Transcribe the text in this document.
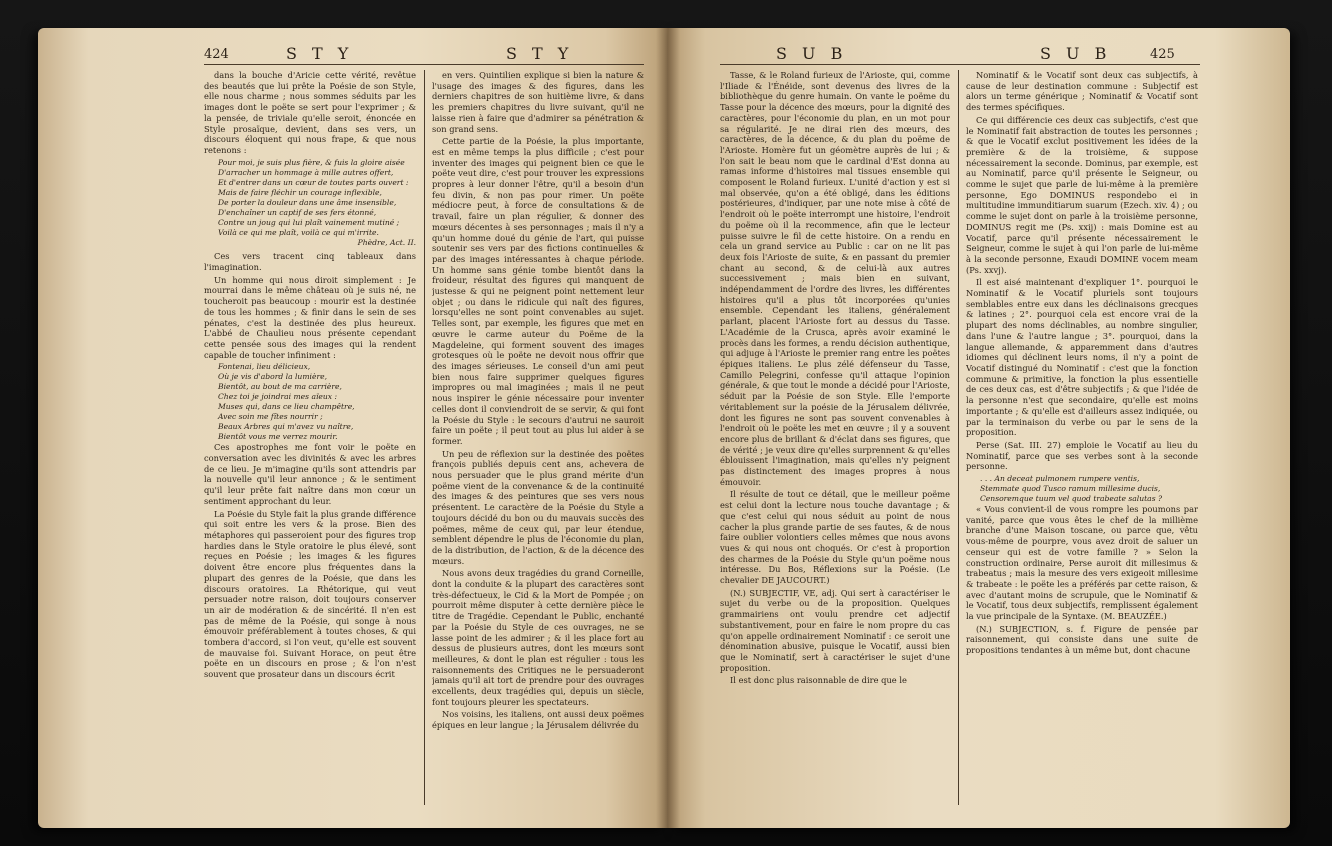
424	S T Y	S T Y	S U B	S U B	425

dans la bouche d'Aricie cette vérité, revêtue des beautés que lui prête la Poésie de son Style, elle nous charme ; nous sommes séduits par les images dont le poëte se sert pour l'exprimer ; & la pensée, de triviale qu'elle seroit, énoncée en Style prosaïque, devient, dans ses vers, un discours éloquent qui nous frape, & que nous retenons :

Pour moi, je suis plus fière, & fuis la gloire aisée

D'arracher un hommage à mille autres offert,

Et d'entrer dans un cœur de toutes parts ouvert :

Mais de faire fléchir un courage inflexible,

De porter la douleur dans une âme insensible,

D'enchaîner un captif de ses fers étonné,

Contre un joug qui lui plaît vainement mutiné ;

Voilà ce qui me plaît, voilà ce qui m'irrite.

Phèdre, Act. II.

Ces vers tracent cinq tableaux dans l'imagination.

Un homme qui nous diroit simplement : Je mourrai dans le même château où je suis né, ne toucheroit pas beaucoup : mourir est la destinée de tous les hommes ; & finir dans le sein de ses pénates, c'est la destinée des plus heureux. L'abbé de Chaulieu nous présente cependant cette pensée sous des images qui la rendent capable de toucher infiniment :

Fontenai, lieu délicieux,

Où je vis d'abord la lumière,

Bientôt, au bout de ma carrière,

Chez toi je joindrai mes aïeux :

Muses qui, dans ce lieu champêtre,

Avec soin me fîtes nourrir ;

Beaux Arbres qui m'avez vu naître,

Bientôt vous me verrez mourir.

Ces apostrophes me font voir le poëte en conversation avec les divinités & avec les arbres de ce lieu. Je m'imagine qu'ils sont attendris par la nouvelle qu'il leur annonce ; & le sentiment qu'il leur prête fait naître dans mon cœur un sentiment approchant du leur.

La Poésie du Style fait la plus grande différence qui soit entre les vers & la prose. Bien des métaphores qui passeroient pour des figures trop hardies dans le Style oratoire le plus élevé, sont reçues en Poésie ; les images & les figures doivent être encore plus fréquentes dans la plupart des genres de la Poésie, que dans les discours oratoires. La Rhétorique, qui veut persuader notre raison, doit toujours conserver un air de modération & de sincérité. Il n'en est pas de même de la Poésie, qui songe à nous émouvoir préférablement à toutes choses, & qui tombera d'accord, si l'on veut, qu'elle est souvent de mauvaise foi. Suivant Horace, on peut être poëte en un discours en prose ; & l'on n'est souvent que prosateur dans un discours écrit

en vers. Quintilien explique si bien la nature & l'usage des images & des figures, dans les derniers chapitres de son huitième livre, & dans les premiers chapitres du livre suivant, qu'il ne laisse rien à faire que d'admirer sa pénétration & son grand sens.

Cette partie de la Poésie, la plus importante, est en même temps la plus difficile ; c'est pour inventer des images qui peignent bien ce que le poëte veut dire, c'est pour trouver les expressions propres à leur donner l'être, qu'il a besoin d'un feu divin, & non pas pour rimer. Un poëte médiocre peut, à force de consultations & de travail, faire un plan régulier, & donner des mœurs décentes à ses personnages ; mais il n'y a qu'un homme doué du génie de l'art, qui puisse soutenir ses vers par des fictions continuelles & par des images intéressantes à chaque période. Un homme sans génie tombe bientôt dans la froideur, résultat des figures qui manquent de justesse & qui ne peignent point nettement leur objet ; ou dans le ridicule qui naît des figures, lorsqu'elles ne sont point convenables au sujet. Telles sont, par exemple, les figures que met en œuvre le carme auteur du Poëme de la Magdeleine, qui forment souvent des images grotesques où le poëte ne devoit nous offrir que des images sérieuses. Le conseil d'un ami peut bien nous faire supprimer quelques figures impropres ou mal imaginées ; mais il ne peut nous inspirer le génie nécessaire pour inventer celles dont il conviendroit de se servir, & qui font la Poésie du Style : le secours d'autrui ne sauroit faire un poëte ; il peut tout au plus lui aider à se former.

Un peu de réflexion sur la destinée des poëtes françois publiés depuis cent ans, achevera de nous persuader que le plus grand mérite d'un poëme vient de la convenance & de la continuité des images & des peintures que ses vers nous présentent. Le caractère de la Poésie du Style a toujours décidé du bon ou du mauvais succès des poëmes, même de ceux qui, par leur étendue, semblent dépendre le plus de l'économie du plan, de la distribution, de l'action, & de la décence des mœurs.

Nous avons deux tragédies du grand Corneille, dont la conduite & la plupart des caractères sont très-défectueux, le Cid & la Mort de Pompée ; on pourroit même disputer à cette dernière pièce le titre de Tragédie. Cependant le Public, enchanté par la Poésie du Style de ces ouvrages, ne se lasse point de les admirer ; & il les place fort au dessus de plusieurs autres, dont les mœurs sont meilleures, & dont le plan est régulier : tous les raisonnements des Critiques ne le persuaderont jamais qu'il ait tort de prendre pour des ouvrages excellents, deux tragédies qui, depuis un siècle, font toujours pleurer les spectateurs.

Nos voisins, les italiens, ont aussi deux poëmes épiques en leur langue ; la Jérusalem délivrée du

Tasse, & le Roland furieux de l'Arioste, qui, comme l'Iliade & l'Énéide, sont devenus des livres de la bibliothèque du genre humain. On vante le poëme du Tasse pour la décence des mœurs, pour la dignité des caractères, pour l'économie du plan, en un mot pour sa régularité. Je ne dirai rien des mœurs, des caractères, de la décence, & du plan du poëme de l'Arioste. Homère fut un géomètre auprès de lui ; & l'on sait le beau nom que le cardinal d'Est donna au ramas informe d'histoires mal tissues ensemble qui composent le Roland furieux. L'unité d'action y est si mal observée, qu'on a été obligé, dans les éditions postérieures, d'indiquer, par une note mise à côté de l'endroit où le poëte interrompt une histoire, l'endroit du poëme où il la recommence, afin que le lecteur puisse suivre le fil de cette histoire. On a rendu en cela un grand service au Public : car on ne lit pas deux fois l'Arioste de suite, & en passant du premier chant au second, & de celui-là aux autres successivement ; mais bien en suivant, indépendamment de l'ordre des livres, les différentes histoires qu'il a plus tôt incorporées qu'unies ensemble. Cependant les italiens, généralement parlant, placent l'Arioste fort au dessus du Tasse. L'Académie de la Crusca, après avoir examiné le procès dans les formes, a rendu décision authentique, qui adjuge à l'Arioste le premier rang entre les poëtes épiques italiens. Le plus zélé défenseur du Tasse, Camillo Pelegrini, confesse qu'il attaque l'opinion générale, & que tout le monde a décidé pour l'Arioste, séduit par la Poésie de son Style. Elle l'emporte véritablement sur la poésie de la Jérusalem délivrée, dont les figures ne sont pas souvent convenables à l'endroit où le poëte les met en œuvre ; il y a souvent encore plus de brillant & d'éclat dans ses figures, que de vérité ; je veux dire qu'elles surprennent & qu'elles éblouissent l'imagination, mais qu'elles n'y peignent pas distinctement des images propres à nous émouvoir.

Il résulte de tout ce détail, que le meilleur poëme est celui dont la lecture nous touche davantage ; & que c'est celui qui nous séduit au point de nous cacher la plus grande partie de ses fautes, & de nous faire oublier volontiers celles mêmes que nous avons vues & qui nous ont choqués. Or c'est à proportion des charmes de la Poésie du Style qu'un poëme nous intéresse. Du Bos, Réflexions sur la Poésie. (Le chevalier DE JAUCOURT.)

(N.) SUBJECTIF, VE, adj. Qui sert à caractériser le sujet du verbe ou de la proposition. Quelques grammairiens ont voulu prendre cet adjectif substantivement, pour en faire le nom propre du cas qu'on appelle ordinairement Nominatif : ce seroit une dénomination abusive, puisque le Vocatif, aussi bien que le Nominatif, sert à caractériser le sujet d'une proposition.

Il est donc plus raisonnable de dire que le

Nominatif & le Vocatif sont deux cas subjectifs, à cause de leur destination commune : Subjectif est alors un terme générique ; Nominatif & Vocatif sont des termes spécifiques.

Ce qui différencie ces deux cas subjectifs, c'est que le Nominatif fait abstraction de toutes les personnes ; & que le Vocatif exclut positivement les idées de la première & de la troisième, & suppose nécessairement la seconde. Dominus, par exemple, est au Nominatif, parce qu'il présente le Seigneur, ou comme le sujet que parle de lui-même à la première personne, Ego DOMINUS respondebo ei in multitudine immunditiarum suarum (Ezech. xiv. 4) ; ou comme le sujet dont on parle à la troisième personne, DOMINUS regit me (Ps. xxij) : mais Domine est au Vocatif, parce qu'il présente nécessairement le Seigneur, comme le sujet à qui l'on parle de lui-même à la seconde personne, Exaudi DOMINE vocem meam (Ps. xxvj).

Il est aisé maintenant d'expliquer 1°. pourquoi le Nominatif & le Vocatif pluriels sont toujours semblables entre eux dans les déclinaisons grecques & latines ; 2°. pourquoi cela est encore vrai de la plupart des noms déclinables, au nombre singulier, dans l'une & l'autre langue ; 3°. pourquoi, dans la langue allemande, & apparemment dans d'autres idiomes qui déclinent leurs noms, il n'y a point de Vocatif distingué du Nominatif : c'est que la fonction commune & primitive, la fonction la plus essentielle de ces deux cas, est d'être subjectifs ; & que l'idée de la personne n'est que secondaire, qu'elle est moins importante ; & qu'elle est d'ailleurs assez indiquée, ou par la terminaison du verbe ou par le sens de la proposition.

Perse (Sat. III. 27) emploie le Vocatif au lieu du Nominatif, parce que ses verbes sont à la seconde personne.

. . . An deceat pulmonem rumpere ventis,

Stemmate quod Tusco ramum millesime ducis,

Censoremque tuum vel quod trabeate salutas ?

« Vous convient-il de vous rompre les poumons par vanité, parce que vous êtes le chef de la millième branche d'une Maison toscane, ou parce que, vêtu vous-même de pourpre, vous avez droit de saluer un censeur qui est de votre famille ? » Selon la construction ordinaire, Perse auroit dit millesimus & trabeatus ; mais la mesure des vers exigeoit millesime & trabeate : le poëte les a préférés par cette raison, & avec d'autant moins de scrupule, que le Nominatif & le Vocatif, tous deux subjectifs, remplissent également la vue principale de la Syntaxe. (M. BEAUZÉE.)

(N.) SUBJECTION, s. f. Figure de pensée par raisonnement, qui consiste dans une suite de propositions tendantes à un même but, dont chacune
